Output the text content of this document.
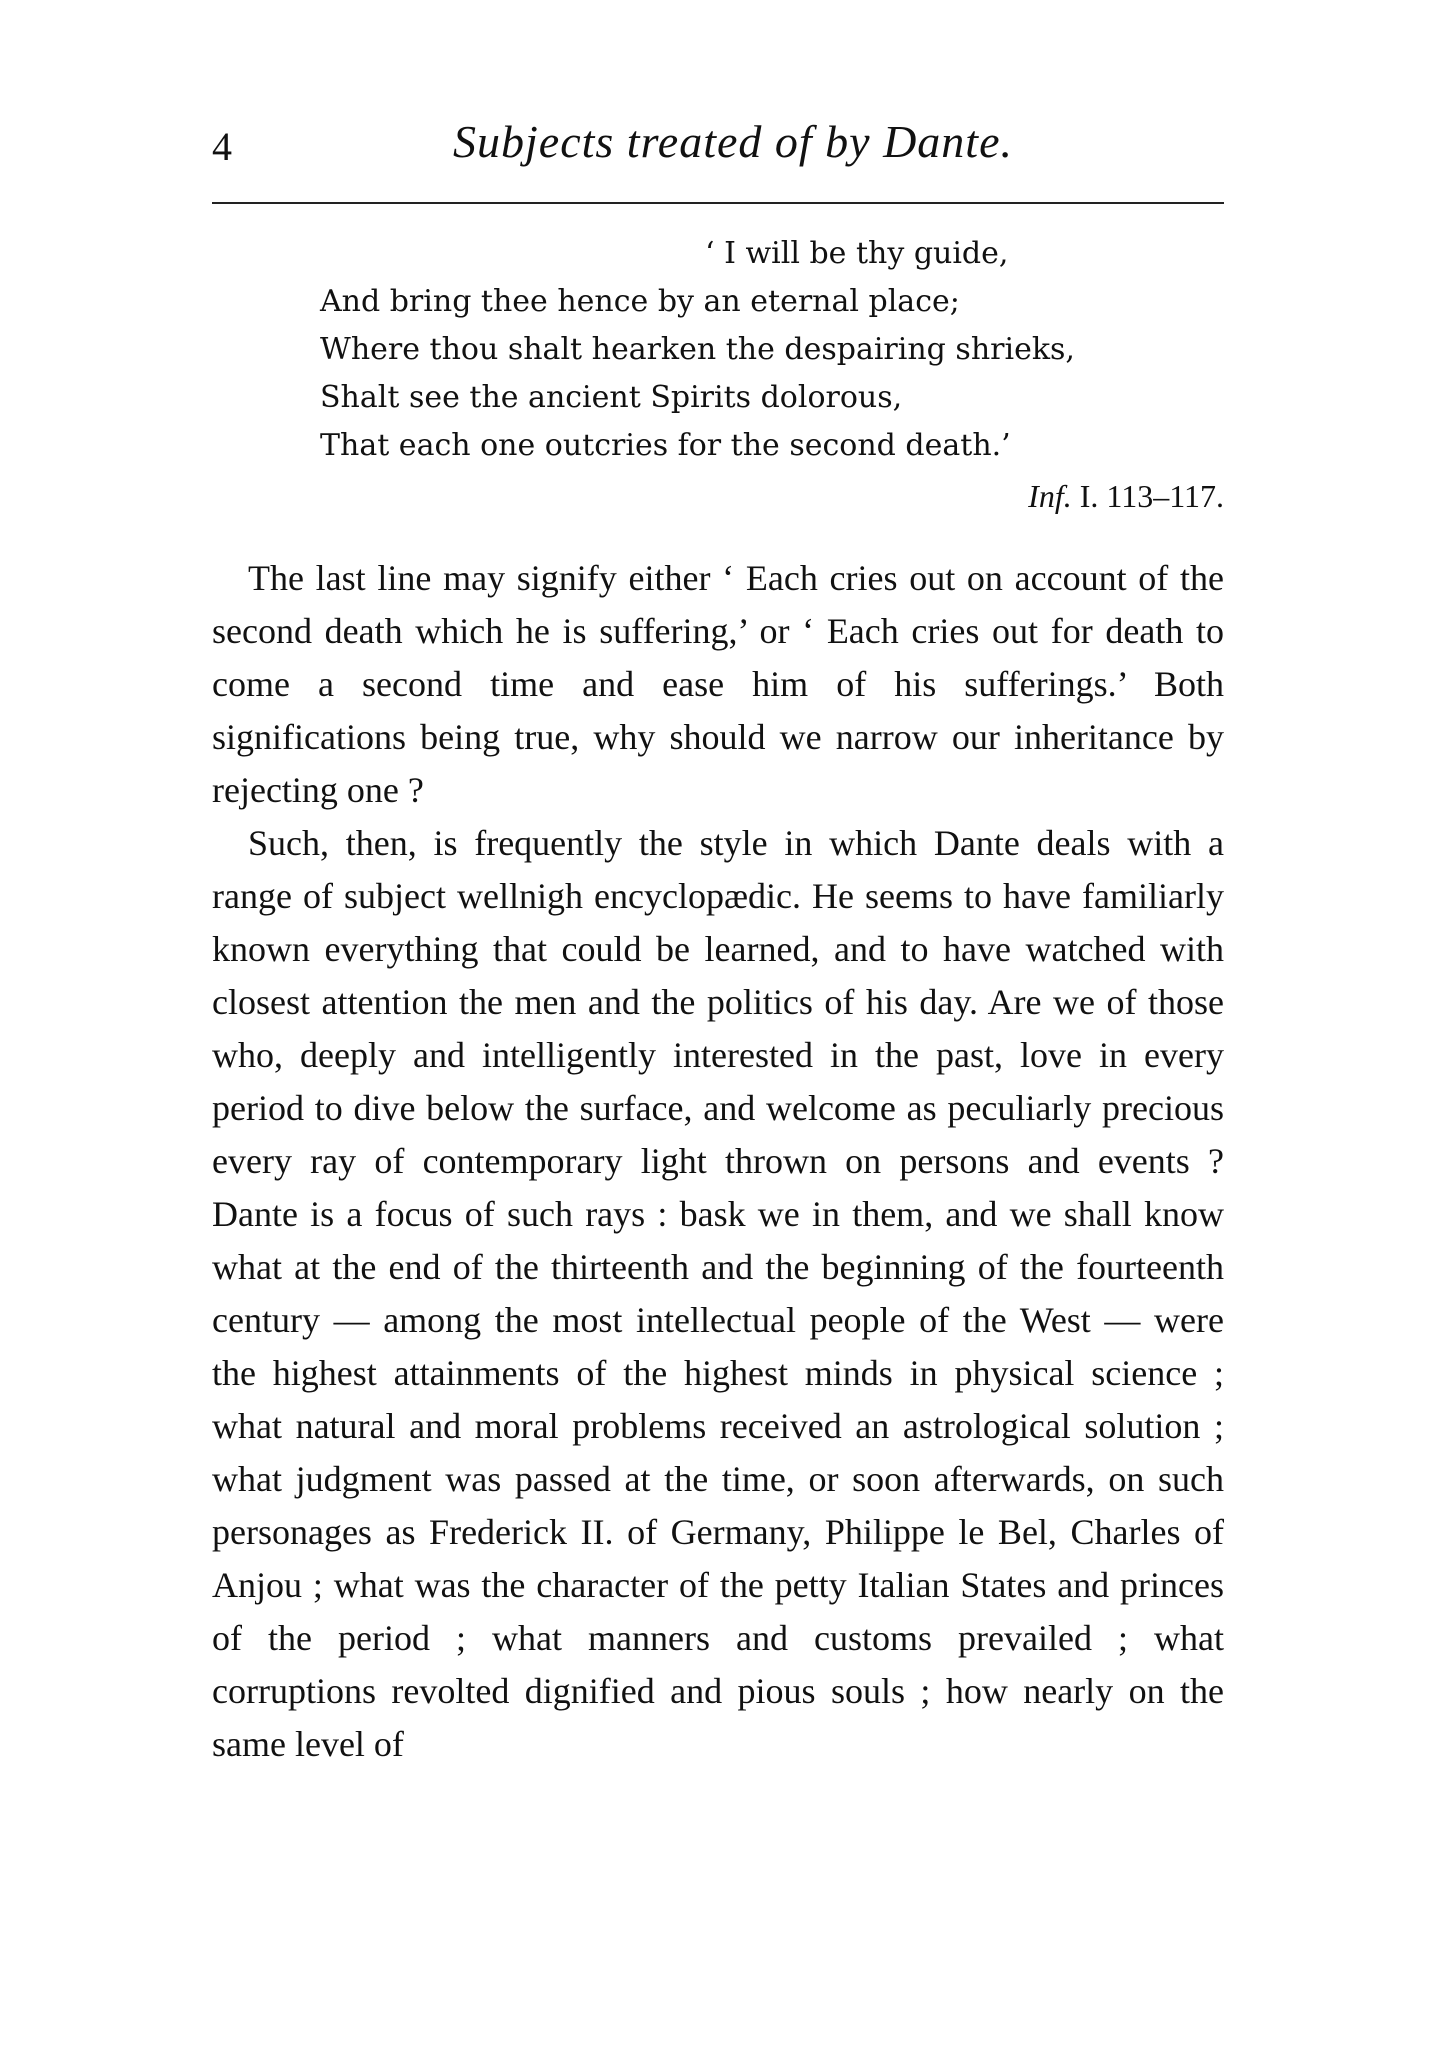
4	Subjects treated of by Dante.
‘ I will be thy guide,
And bring thee hence by an eternal place;
Where thou shalt hearken the despairing shrieks,
Shalt see the ancient Spirits dolorous,
That each one outcries for the second death.’
Inf. I. 113–117.

The last line may signify either ‘ Each cries out on account of the second death which he is suffering,’ or ‘ Each cries out for death to come a second time and ease him of his sufferings.’ Both significations being true, why should we narrow our inheritance by rejecting one ?

Such, then, is frequently the style in which Dante deals with a range of subject wellnigh encyclopædic. He seems to have familiarly known everything that could be learned, and to have watched with closest attention the men and the politics of his day. Are we of those who, deeply and intelligently interested in the past, love in every period to dive below the surface, and welcome as peculiarly precious every ray of contemporary light thrown on persons and events ? Dante is a focus of such rays : bask we in them, and we shall know what at the end of the thirteenth and the beginning of the fourteenth century — among the most intellectual people of the West — were the highest attainments of the highest minds in physical science ; what natural and moral problems received an astrological solution ; what judgment was passed at the time, or soon afterwards, on such personages as Frederick II. of Germany, Philippe le Bel, Charles of Anjou ; what was the character of the petty Italian States and princes of the period ; what manners and customs prevailed ; what corruptions revolted dignified and pious souls ; how nearly on the same level of
